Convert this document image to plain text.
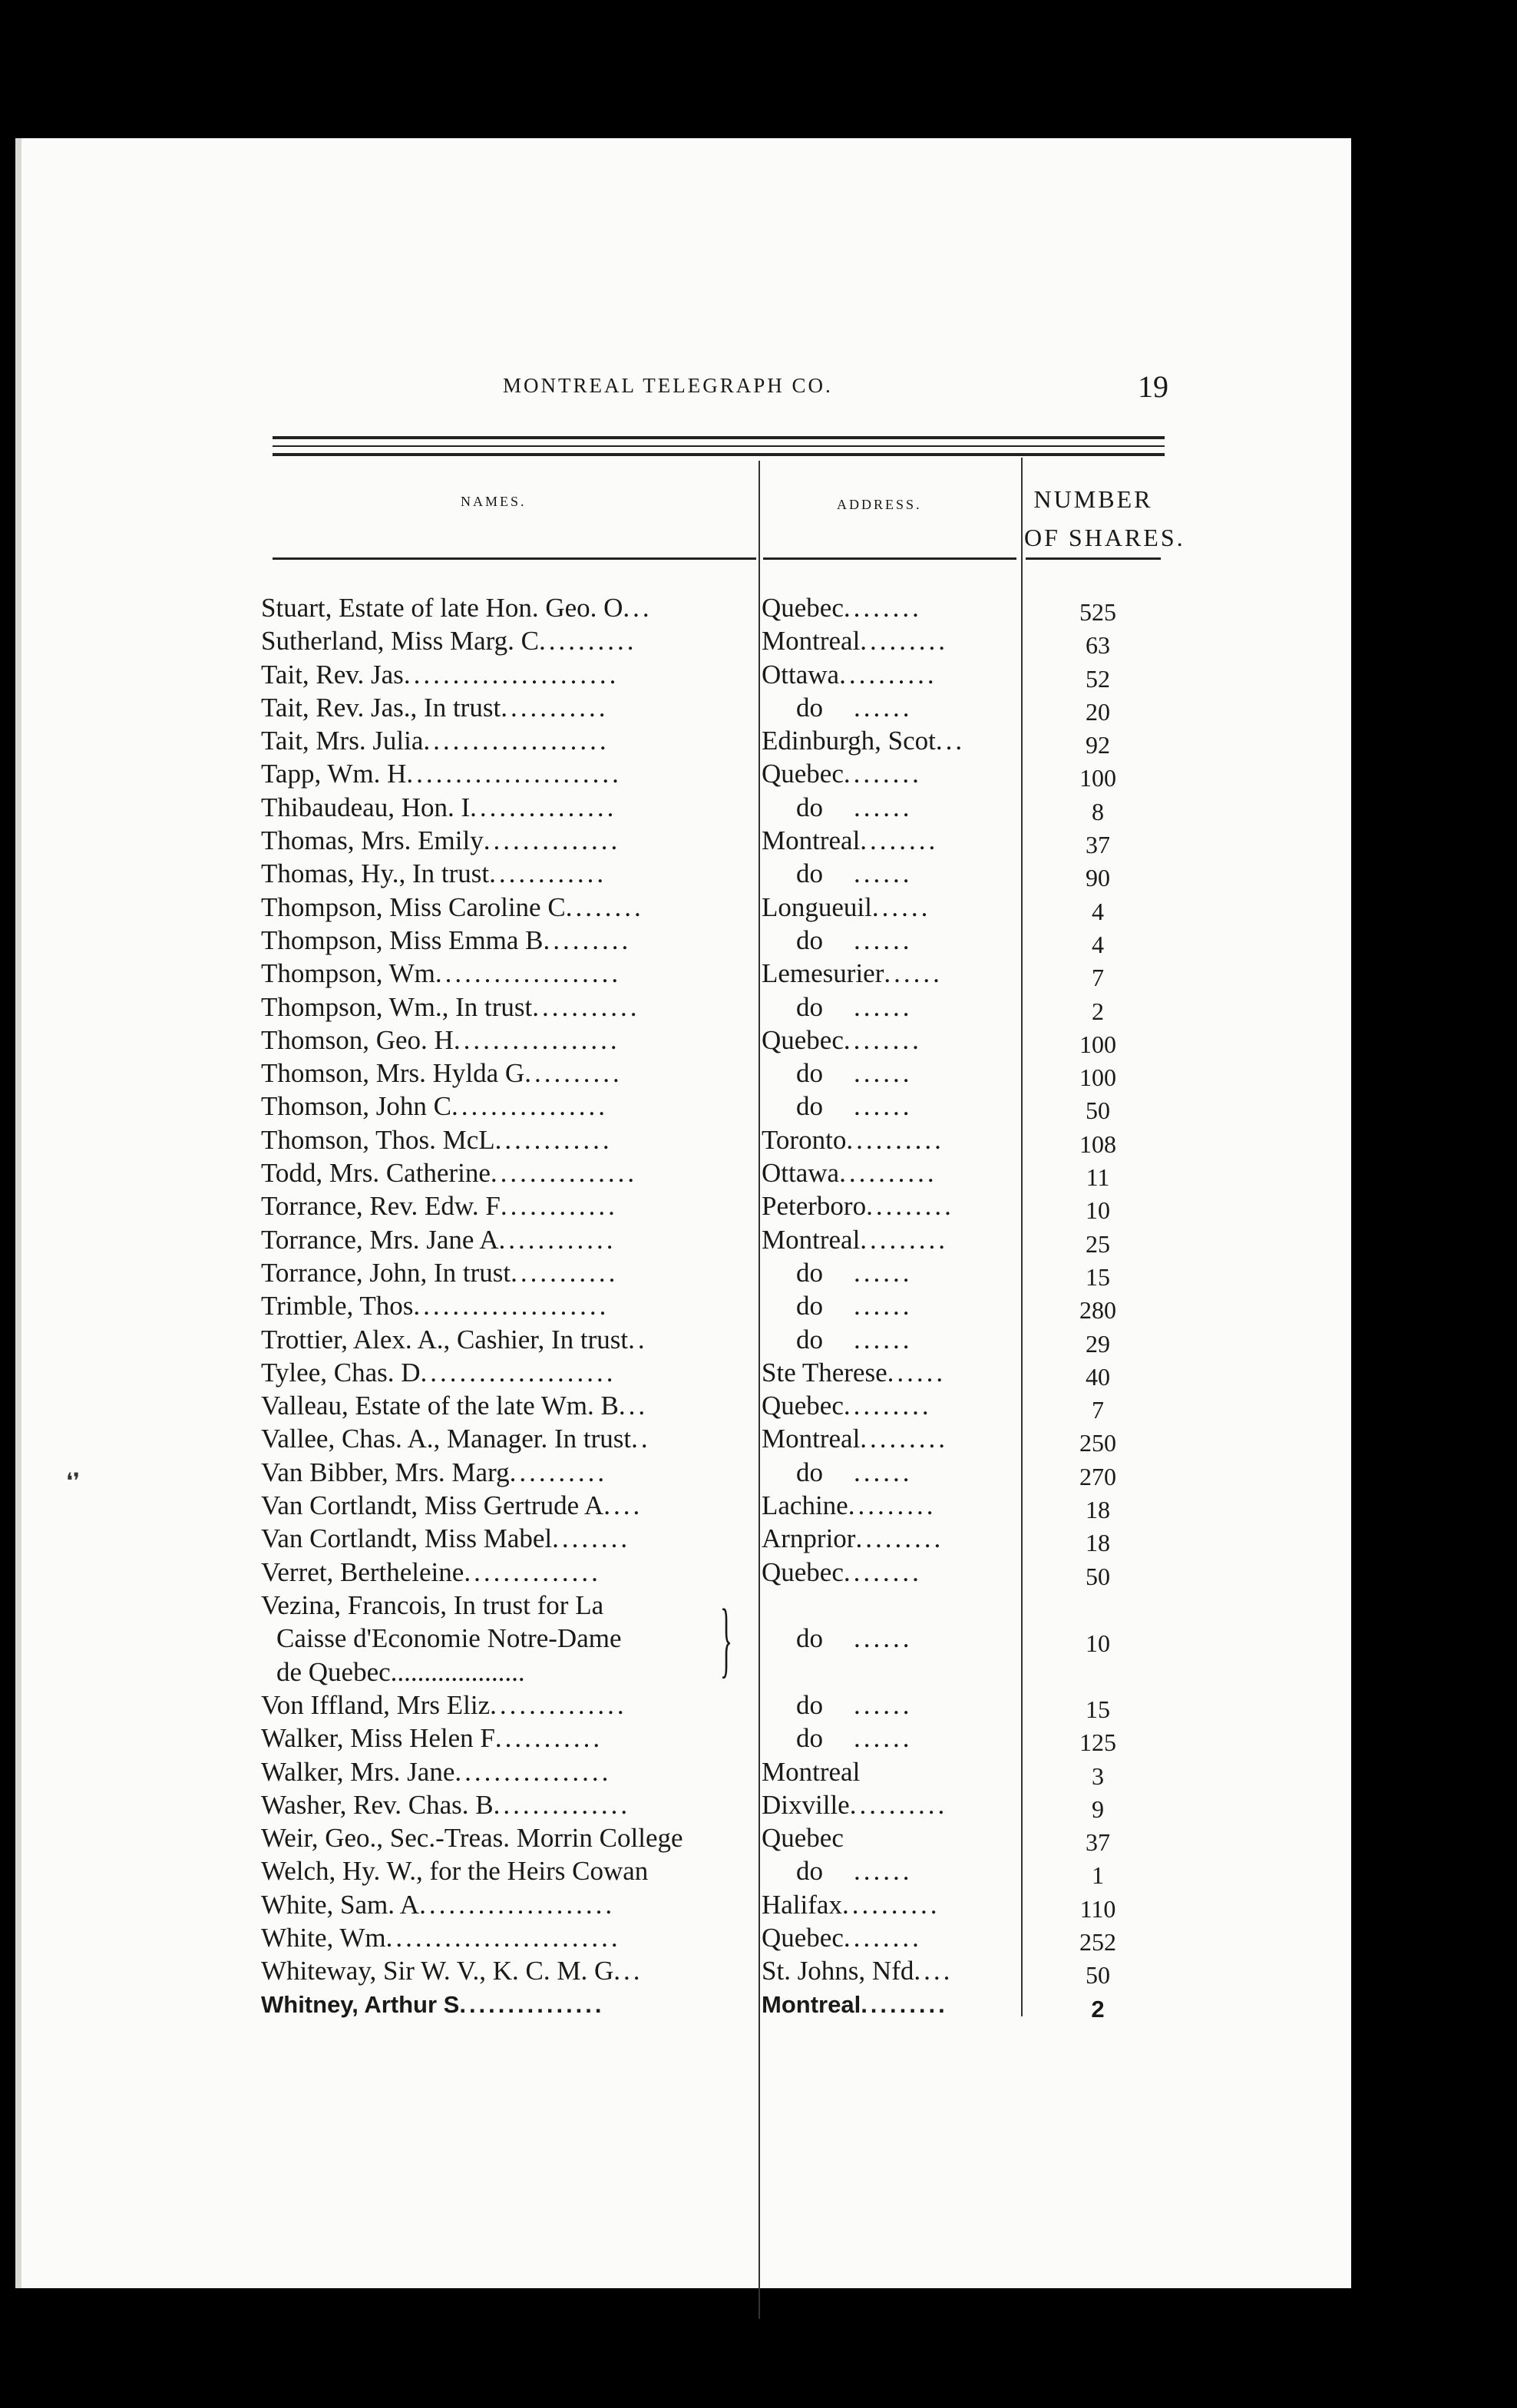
MONTREAL TELEGRAPH CO.	19
NAMES.	ADDRESS.	NUMBER
OF SHARES.
Stuart, Estate of late Hon. Geo. O...	Quebec........	525
Sutherland, Miss Marg. C..........	Montreal.........	63
Tait, Rev. Jas......................	Ottawa..........	52
Tait, Rev. Jas., In trust...........	do ......	20
Tait, Mrs. Julia...................	Edinburgh, Scot...	92
Tapp, Wm. H......................	Quebec........	100
Thibaudeau, Hon. I...............	do ......	8
Thomas, Mrs. Emily..............	Montreal........	37
Thomas, Hy., In trust............	do ......	90
Thompson, Miss Caroline C........	Longueuil......	4
Thompson, Miss Emma B.........	do ......	4
Thompson, Wm...................	Lemesurier......	7
Thompson, Wm., In trust...........	do ......	2
Thomson, Geo. H.................	Quebec........	100
Thomson, Mrs. Hylda G..........	do ......	100
Thomson, John C................	do ......	50
Thomson, Thos. McL............	Toronto..........	108
Todd, Mrs. Catherine...............	Ottawa..........	11
Torrance, Rev. Edw. F............	Peterboro.........	10
Torrance, Mrs. Jane A............	Montreal.........	25
Torrance, John, In trust...........	do ......	15
Trimble, Thos....................	do ......	280
Trottier, Alex. A., Cashier, In trust..	do ......	29
Tylee, Chas. D....................	Ste Therese......	40
Valleau, Estate of the late Wm. B...	Quebec.........	7
Vallee, Chas. A., Manager. In trust..	Montreal.........	250
Van Bibber, Mrs. Marg..........	do ......	270
Van Cortlandt, Miss Gertrude A....	Lachine.........	18
Van Cortlandt, Miss Mabel........	Arnprior.........	18
Verret, Bertheleine..............	Quebec........	50
Vezina, Francois, In trust for La
Caisse d'Economie Notre-Dame
de Quebec....................	}	do ......	10
Von Iffland, Mrs Eliz..............	do ......	15
Walker, Miss Helen F...........	do ......	125
Walker, Mrs. Jane................	Montreal	3
Washer, Rev. Chas. B..............	Dixville..........	9
Weir, Geo., Sec.-Treas. Morrin College	Quebec	37
Welch, Hy. W., for the Heirs Cowan	do ......	1
White, Sam. A....................	Halifax..........	110
White, Wm........................	Quebec........	252
Whiteway, Sir W. V., K. C. M. G...	St. Johns, Nfd....	50
Whitney, Arthur S...............	Montreal.........	2
❛❜
